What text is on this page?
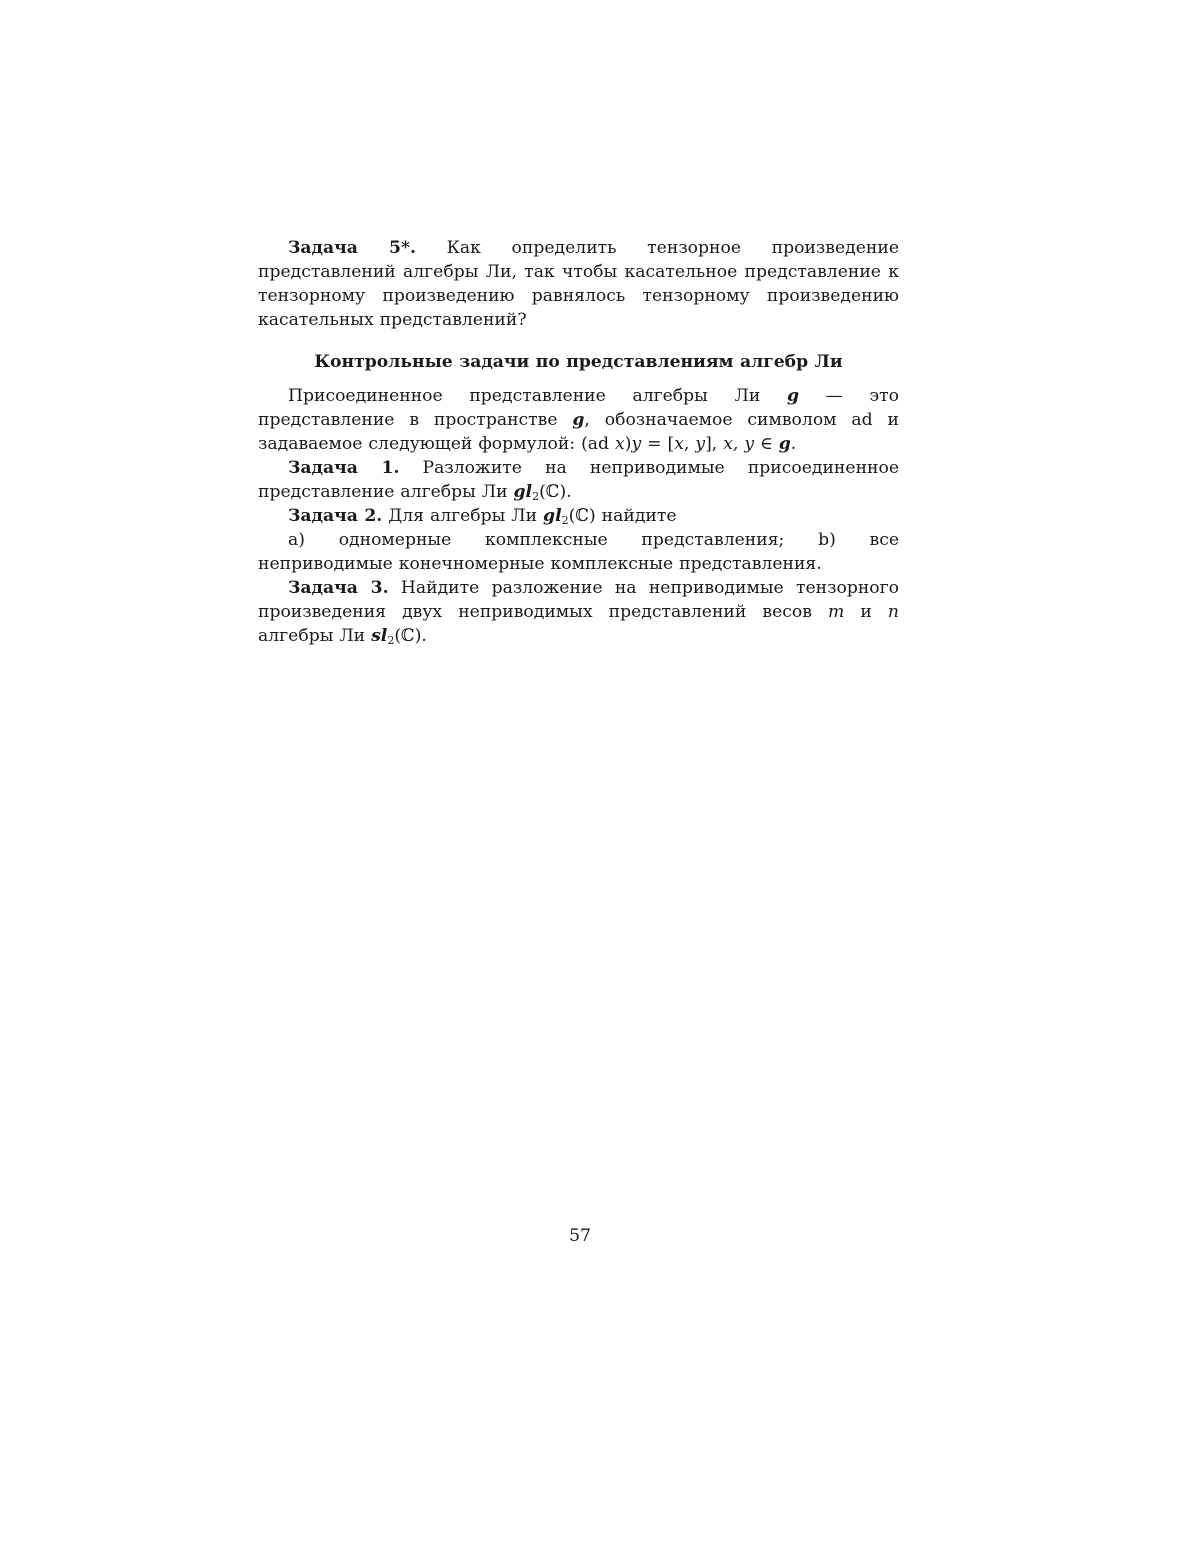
Задача 5*. Как определить тензорное произведение представлений алгебры Ли, так чтобы касательное представление к тензорному произведению равнялось тензорному произведению касательных представлений?

Контрольные задачи по представлениям алгебр Ли

Присоединенное представление алгебры Ли g — это представление в пространстве g, обозначаемое символом ad и задаваемое следующей формулой: (ad x)y = [x, y], x, y ∈ g.

Задача 1. Разложите на неприводимые присоединенное представление алгебры Ли $gl_2(ℂ)$.

Задача 2. Для алгебры Ли $gl_2(ℂ)$ найдите

a) одномерные комплексные представления; b) все неприводимые конечномерные комплексные представления.

Задача 3. Найдите разложение на неприводимые тензорного произведения двух неприводимых представлений весов m и n алгебры Ли $sl_2(ℂ)$.

57
